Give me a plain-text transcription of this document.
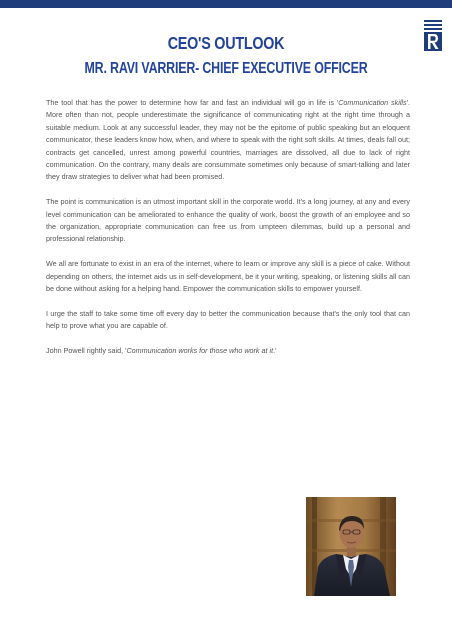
CEO'S OUTLOOK
MR. RAVI VARRIER- CHIEF EXECUTIVE OFFICER

The tool that has the power to determine how far and fast an individual will go in life is 'Communication skills'. More often than not, people underestimate the significance of communicating right at the right time through a suitable medium. Look at any successful leader, they may not be the epitome of public speaking but an eloquent communicator, these leaders know how, when, and where to speak with the right soft skills. At times, deals fall out; contracts get cancelled, unrest among powerful countries, marriages are dissolved, all due to lack of right communication. On the contrary, many deals are consummate sometimes only because of smart-talking and later they draw strategies to deliver what had been promised.

The point is communication is an utmost important skill in the corporate world. It's a long journey, at any and every level communication can be ameliorated to enhance the quality of work, boost the growth of an employee and so the organization, appropriate communication can free us from umpteen dilemmas, build up a personal and professional relationship.

We all are fortunate to exist in an era of the internet, where to learn or improve any skill is a piece of cake. Without depending on others, the internet aids us in self-development, be it your writing, speaking, or listening skills all can be done without asking for a helping hand. Empower the communication skills to empower yourself.

I urge the staff to take some time off every day to better the communication because that's the only tool that can help to prove what you are capable of.

John Powell rightly said, 'Communication works for those who work at it.'
